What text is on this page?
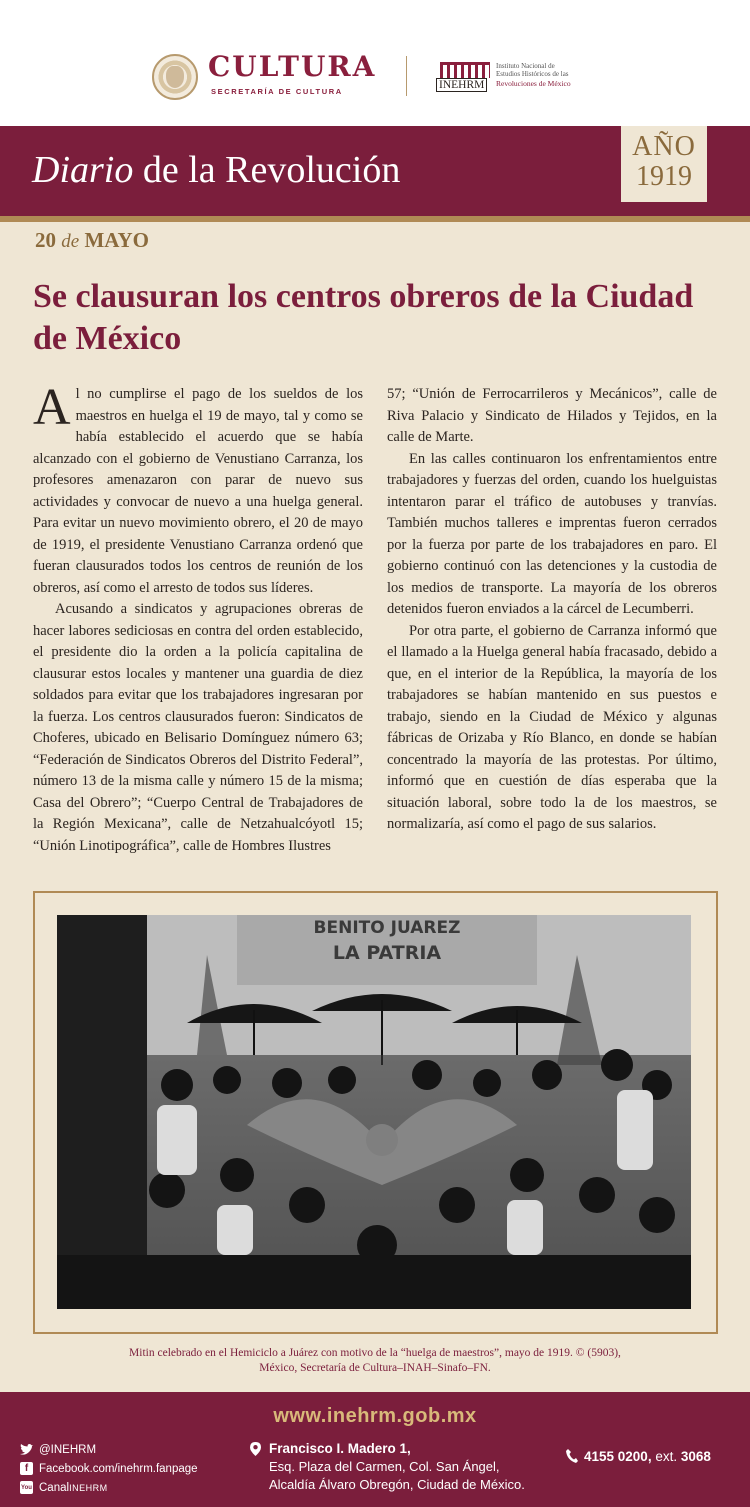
CULTURA
SECRETARÍA DE CULTURA
INEHRM
Instituto Nacional de
Estudios Históricos de las
Revoluciones de México
Diario de la Revolución
AÑO
1919
20 de MAYO
Se clausuran los centros obreros de la Ciudad de México

Al no cumplirse el pago de los sueldos de los maestros en huelga el 19 de mayo, tal y como se había establecido el acuerdo que se había alcanzado con el gobierno de Venustiano Carranza, los profesores amenazaron con parar de nuevo sus actividades y convocar de nuevo a una huelga general. Para evitar un nuevo movimiento obrero, el 20 de mayo de 1919, el presidente Venustiano Carranza ordenó que fueran clausurados todos los centros de reunión de los obreros, así como el arresto de todos sus líderes.

Acusando a sindicatos y agrupaciones obreras de hacer labores sediciosas en contra del orden establecido, el presidente dio la orden a la policía capitalina de clausurar estos locales y mantener una guardia de diez soldados para evitar que los trabajadores ingresaran por la fuerza. Los centros clausurados fueron: Sindicatos de Choferes, ubicado en Belisario Domínguez número 63; “Federación de Sindicatos Obreros del Distrito Federal”, número 13 de la misma calle y número 15 de la misma; Casa del Obrero”; “Cuerpo Central de Trabajadores de la Región Mexicana”, calle de Netzahualcóyotl 15; “Unión Linotipográfica”, calle de Hombres Ilustres

57; “Unión de Ferrocarrileros y Mecánicos”, calle de Riva Palacio y Sindicato de Hilados y Tejidos, en la calle de Marte.

En las calles continuaron los enfrentamientos entre trabajadores y fuerzas del orden, cuando los huelguistas intentaron parar el tráfico de autobuses y tranvías. También muchos talleres e imprentas fueron cerrados por la fuerza por parte de los trabajadores en paro. El gobierno continuó con las detenciones y la custodia de los medios de transporte. La mayoría de los obreros detenidos fueron enviados a la cárcel de Lecumberri.

Por otra parte, el gobierno de Carranza informó que el llamado a la Huelga general había fracasado, debido a que, en el interior de la República, la mayoría de los trabajadores se habían mantenido en sus puestos e trabajo, siendo en la Ciudad de México y algunas fábricas de Orizaba y Río Blanco, en donde se habían concentrado la mayoría de las protestas. Por último, informó que en cuestión de días esperaba que la situación laboral, sobre todo la de los maestros, se normalizaría, así como el pago de sus salarios.

BENITO JUAREZ
LA PATRIA
Mitin celebrado en el Hemiciclo a Juárez con motivo de la “huelga de maestros”, mayo de 1919. © (5903),
México, Secretaría de Cultura–INAH–Sinafo–FN.
www.inehrm.gob.mx
@INEHRM
f Facebook.com/inehrm.fanpage
You Canal INEHRM
Francisco I. Madero 1,
Esq. Plaza del Carmen, Col. San Ángel,
Alcaldía Álvaro Obregón, Ciudad de México.
4155 0200, ext. 3068
